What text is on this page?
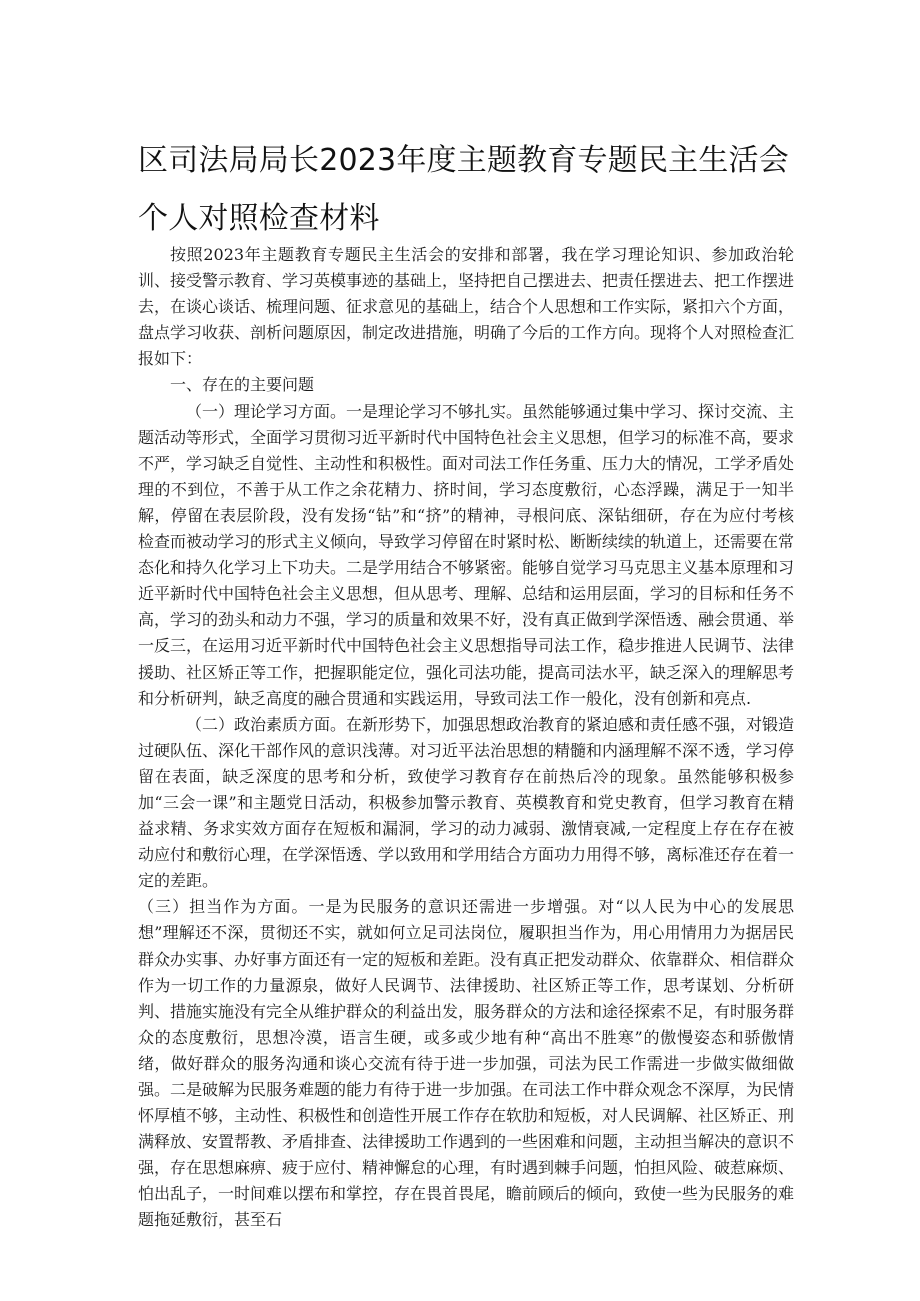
区司法局局长2023年度主题教育专题民主生活会个人对照检查材料

按照2023年主题教育专题民主生活会的安排和部署，我在学习理论知识、参加政治轮训、接受警示教育、学习英模事迹的基础上，坚持把自己摆进去、把责任摆进去、把工作摆进去，在谈心谈话、梳理问题、征求意见的基础上，结合个人思想和工作实际，紧扣六个方面，盘点学习收获、剖析问题原因，制定改进措施，明确了今后的工作方向。现将个人对照检查汇报如下：

一、存在的主要问题

（一）理论学习方面。一是理论学习不够扎实。虽然能够通过集中学习、探讨交流、主题活动等形式，全面学习贯彻习近平新时代中国特色社会主义思想，但学习的标准不高，要求不严，学习缺乏自觉性、主动性和积极性。面对司法工作任务重、压力大的情况，工学矛盾处理的不到位，不善于从工作之余花精力、挤时间，学习态度敷衍，心态浮躁，满足于一知半解，停留在表层阶段，没有发扬“钻”和“挤”的精神，寻根问底、深钻细研，存在为应付考核检查而被动学习的形式主义倾向，导致学习停留在时紧时松、断断续续的轨道上，还需要在常态化和持久化学习上下功夫。二是学用结合不够紧密。能够自觉学习马克思主义基本原理和习近平新时代中国特色社会主义思想，但从思考、理解、总结和运用层面，学习的目标和任务不高，学习的劲头和动力不强，学习的质量和效果不好，没有真正做到学深悟透、融会贯通、举一反三，在运用习近平新时代中国特色社会主义思想指导司法工作，稳步推进人民调节、法律援助、社区矫正等工作，把握职能定位，强化司法功能，提高司法水平，缺乏深入的理解思考和分析研判，缺乏高度的融合贯通和实践运用，导致司法工作一般化，没有创新和亮点.

（二）政治素质方面。在新形势下，加强思想政治教育的紧迫感和责任感不强，对锻造过硬队伍、深化干部作风的意识浅薄。对习近平法治思想的精髓和内涵理解不深不透，学习停留在表面，缺乏深度的思考和分析，致使学习教育存在前热后冷的现象。虽然能够积极参加“三会一课”和主题党日活动，积极参加警示教育、英模教育和党史教育，但学习教育在精益求精、务求实效方面存在短板和漏洞，学习的动力减弱、激情衰减,一定程度上存在存在被动应付和敷衍心理，在学深悟透、学以致用和学用结合方面功力用得不够，离标准还存在着一定的差距。

（三）担当作为方面。一是为民服务的意识还需进一步增强。对“以人民为中心的发展思想”理解还不深，贯彻还不实，就如何立足司法岗位，履职担当作为，用心用情用力为据居民群众办实事、办好事方面还有一定的短板和差距。没有真正把发动群众、依靠群众、相信群众作为一切工作的力量源泉，做好人民调节、法律援助、社区矫正等工作，思考谋划、分析研判、措施实施没有完全从维护群众的利益出发，服务群众的方法和途径探索不足，有时服务群众的态度敷衍，思想冷漠，语言生硬，或多或少地有种“高出不胜寒”的傲慢姿态和骄傲情绪，做好群众的服务沟通和谈心交流有待于进一步加强，司法为民工作需进一步做实做细做强。二是破解为民服务难题的能力有待于进一步加强。在司法工作中群众观念不深厚，为民情怀厚植不够，主动性、积极性和创造性开展工作存在软肋和短板，对人民调解、社区矫正、刑满释放、安置帮教、矛盾排查、法律援助工作遇到的一些困难和问题，主动担当解决的意识不强，存在思想麻痹、疲于应付、精神懈怠的心理，有时遇到棘手问题，怕担风险、破惹麻烦、怕出乱子，一时间难以摆布和掌控，存在畏首畏尾，瞻前顾后的倾向，致使一些为民服务的难题拖延敷衍，甚至石
